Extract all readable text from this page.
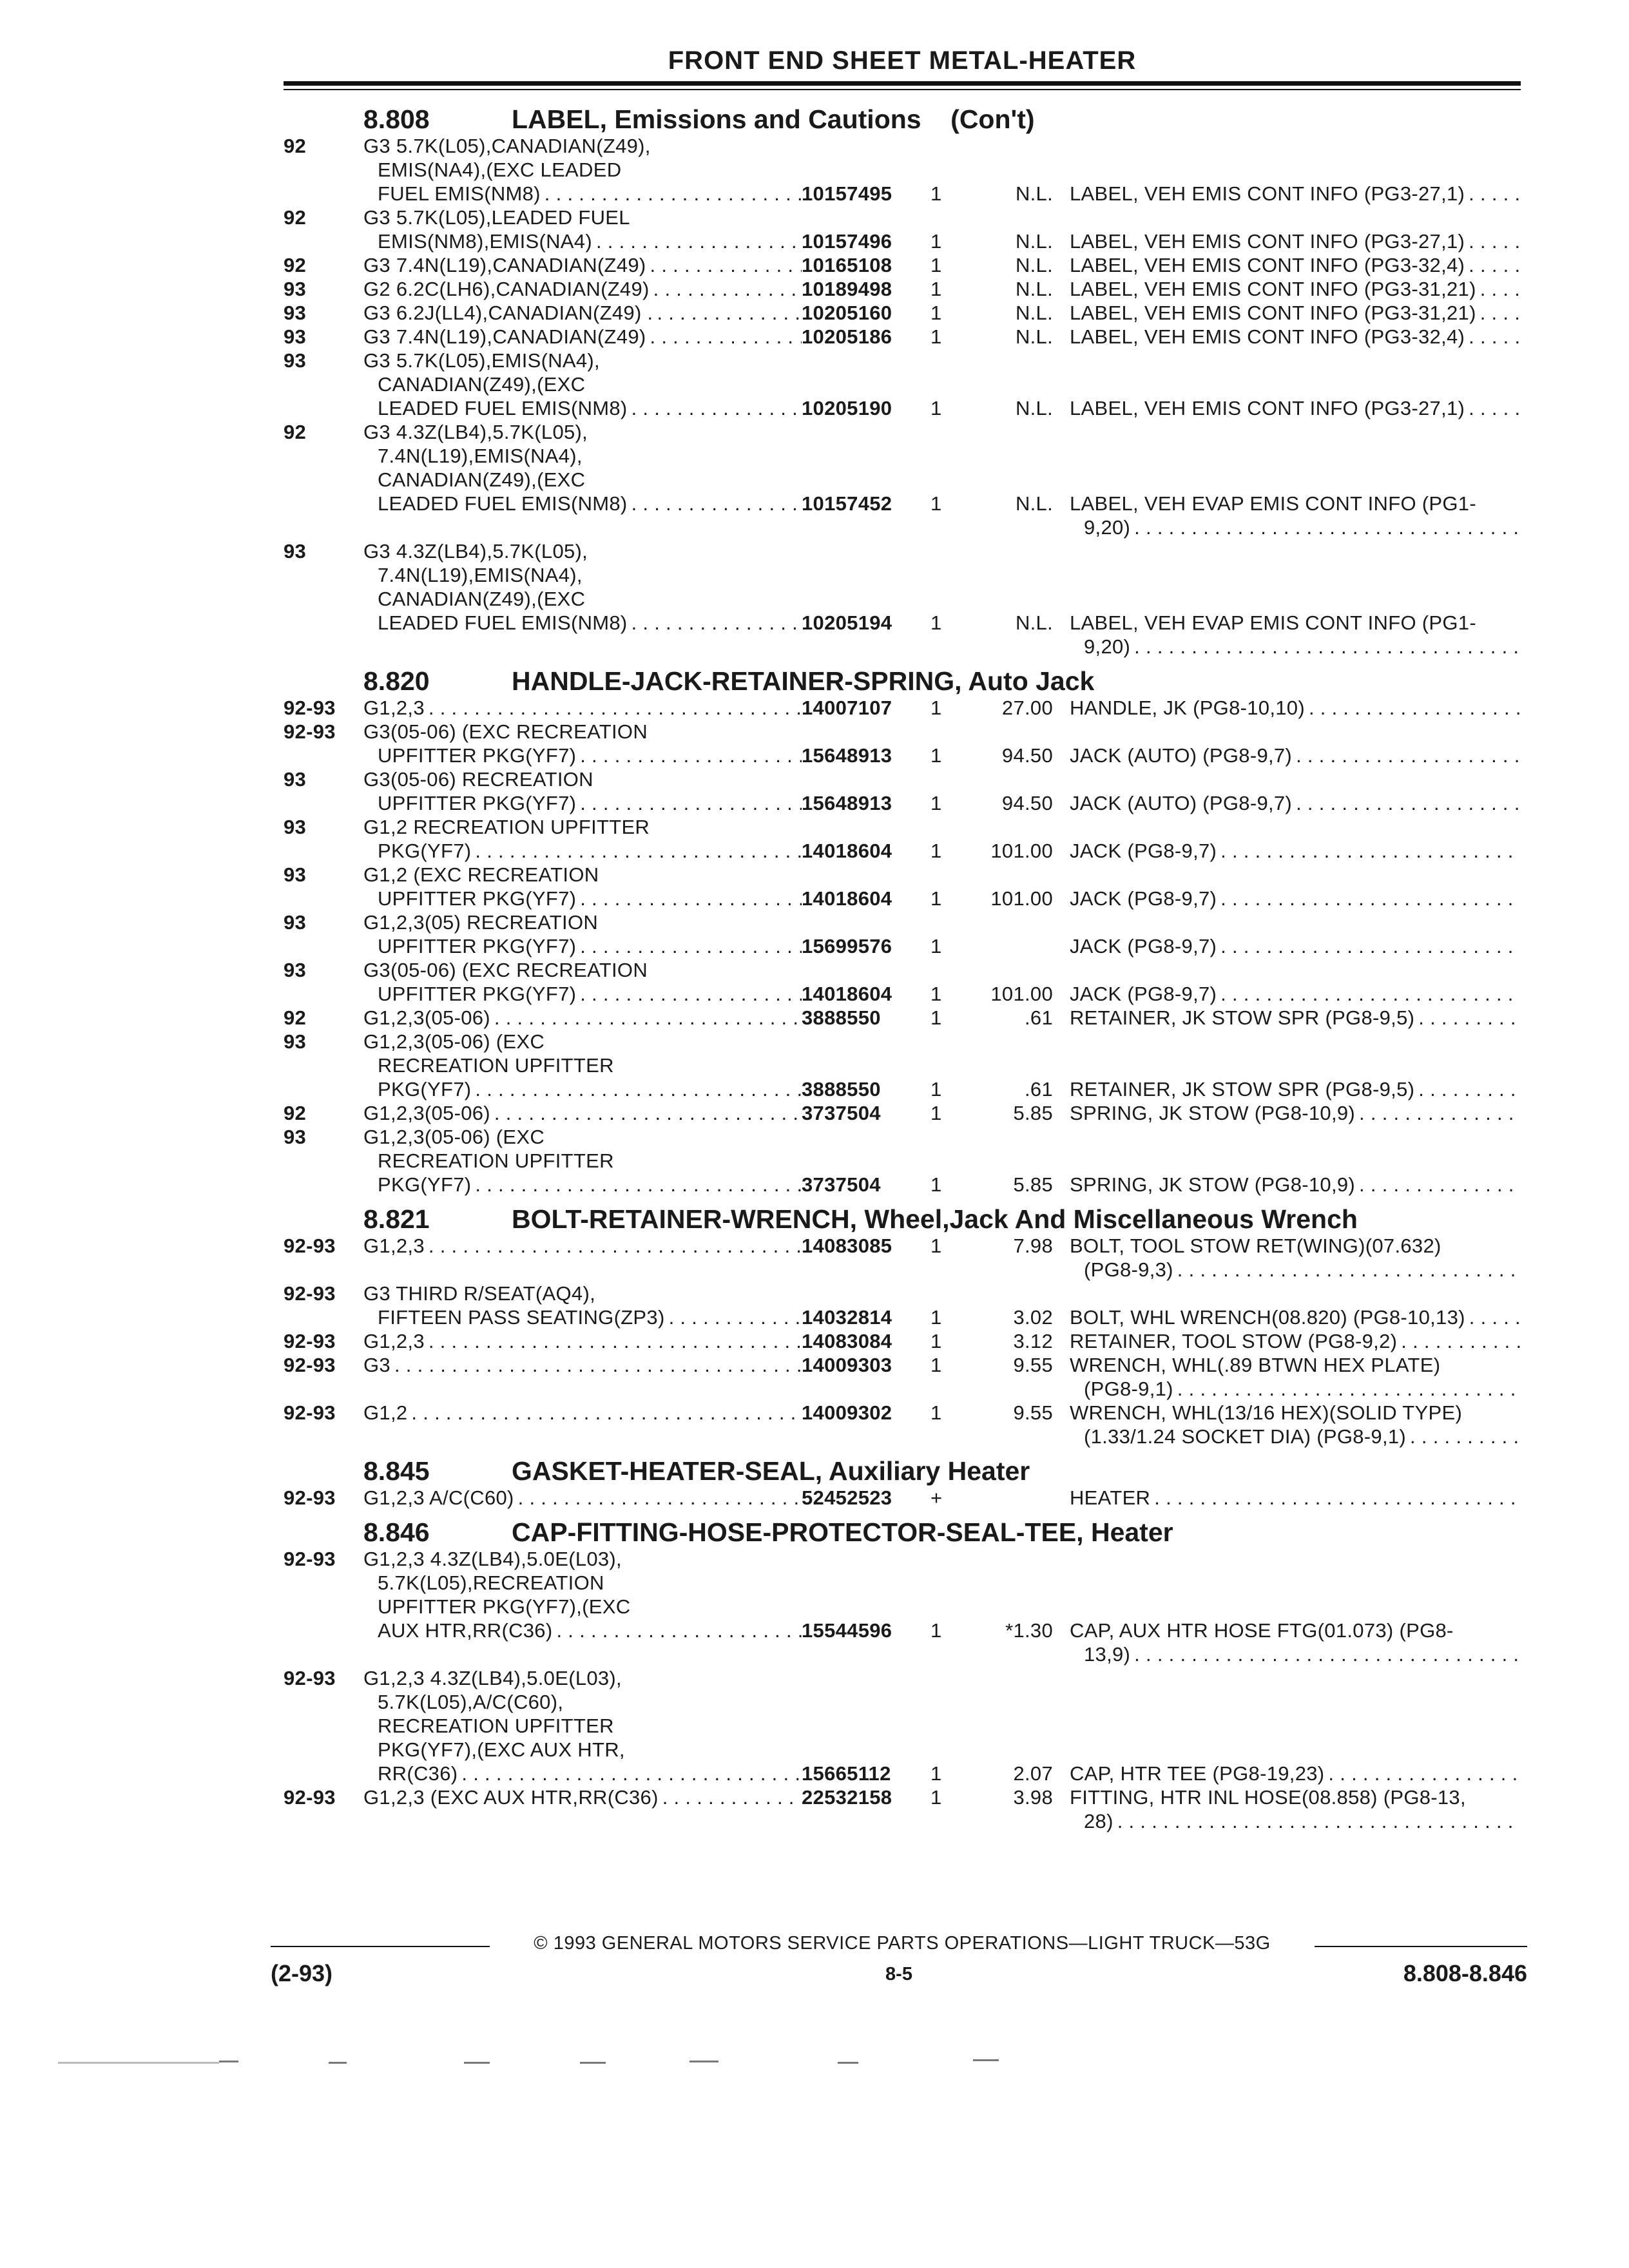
FRONT END SHEET METAL-HEATER
8.808	LABEL, Emissions and Cautions (Con't)
92	G3 5.7K(L05),CANADIAN(Z49),
EMIS(NA4),(EXC LEADED
FUEL EMIS(NM8) . . .	10157495	1	N.L. LABEL, VEH EMIS CONT INFO (PG3-27,1)
. . .
92	G3 5.7K(L05),LEADED FUEL
EMIS(NM8),EMIS(NA4) . . .	10157496	1	N.L. LABEL, VEH EMIS CONT INFO (PG3-27,1)
. . .
92	G3 7.4N(L19),CANADIAN(Z49) . . .	10165108	1	N.L. LABEL, VEH EMIS CONT INFO (PG3-32,4)
. . .
93	G2 6.2C(LH6),CANADIAN(Z49) . . .	10189498	1	N.L. LABEL, VEH EMIS CONT INFO (PG3-31,21)
. . .
93	G3 6.2J(LL4),CANADIAN(Z49) . . . .	10205160	1	N.L. LABEL, VEH EMIS CONT INFO (PG3-31,21)
. . .
93	G3 7.4N(L19),CANADIAN(Z49) . . .	10205186	1	N.L. LABEL, VEH EMIS CONT INFO (PG3-32,4)
. . .
93	G3 5.7K(L05),EMIS(NA4),
CANADIAN(Z49),(EXC
LEADED FUEL EMIS(NM8) . . .	10205190	1	N.L. LABEL, VEH EMIS CONT INFO (PG3-27,1)
. . .
92	G3 4.3Z(LB4),5.7K(L05),
7.4N(L19),EMIS(NA4),
CANADIAN(Z49),(EXC
LEADED FUEL EMIS(NM8) . . .	10157452	1	N.L. LABEL, VEH EVAP EMIS CONT INFO (PG1-
9,20)
. . .
93	G3 4.3Z(LB4),5.7K(L05),
7.4N(L19),EMIS(NA4),
CANADIAN(Z49),(EXC
LEADED FUEL EMIS(NM8) . . .	10205194	1	N.L. LABEL, VEH EVAP EMIS CONT INFO (PG1-
9,20)
. . .
8.820	HANDLE-JACK-RETAINER-SPRING, Auto Jack
92-93	G1,2,3 . . .	14007107	1	27.00 HANDLE, JK (PG8-10,10)
. . .
92-93	G3(05-06) (EXC RECREATION
UPFITTER PKG(YF7) . . .	15648913	1	94.50 JACK (AUTO) (PG8-9,7)
. . .
93	G3(05-06) RECREATION
UPFITTER PKG(YF7) . . .	15648913	1	94.50 JACK (AUTO) (PG8-9,7)
. . .
93	G1,2 RECREATION UPFITTER
PKG(YF7) . . .	14018604	1	101.00 JACK (PG8-9,7)
. . .
93	G1,2 (EXC RECREATION
UPFITTER PKG(YF7) . . .	14018604	1	101.00 JACK (PG8-9,7)
. . .
93	G1,2,3(05) RECREATION
UPFITTER PKG(YF7) . . .	15699576	1	JACK (PG8-9,7)
. . .
93	G3(05-06) (EXC RECREATION
UPFITTER PKG(YF7) . . .	14018604	1	101.00 JACK (PG8-9,7)
. . .
92	G1,2,3(05-06) . . .	3888550	1	.61 RETAINER, JK STOW SPR (PG8-9,5)
. . .
93	G1,2,3(05-06) (EXC
RECREATION UPFITTER
PKG(YF7) . . .	3888550	1	.61 RETAINER, JK STOW SPR (PG8-9,5)
. . .
92	G1,2,3(05-06) . . .	3737504	1	5.85 SPRING, JK STOW (PG8-10,9)
. . .
93	G1,2,3(05-06) (EXC
RECREATION UPFITTER
PKG(YF7) . . .	3737504	1	5.85 SPRING, JK STOW (PG8-10,9)
. . .
8.821	BOLT-RETAINER-WRENCH, Wheel,Jack And Miscellaneous Wrench
92-93	G1,2,3 . . .	14083085	1	7.98 BOLT, TOOL STOW RET(WING)(07.632)
(PG8-9,3)
. . .
92-93	G3 THIRD R/SEAT(AQ4),
FIFTEEN PASS SEATING(ZP3) . . .	14032814	1	3.02 BOLT, WHL WRENCH(08.820) (PG8-10,13)
. . .
92-93	G1,2,3 . . .	14083084	1	3.12 RETAINER, TOOL STOW (PG8-9,2)
. . .
92-93	G3 . . .	14009303	1	9.55 WRENCH, WHL(.89 BTWN HEX PLATE)
(PG8-9,1)
. . .
92-93	G1,2 . . .	14009302	1	9.55 WRENCH, WHL(13/16 HEX)(SOLID TYPE)
(1.33/1.24 SOCKET DIA) (PG8-9,1)
. . .
8.845	GASKET-HEATER-SEAL, Auxiliary Heater
92-93	G1,2,3 A/C(C60) . . .	52452523	+	HEATER
. . .
8.846	CAP-FITTING-HOSE-PROTECTOR-SEAL-TEE, Heater
92-93	G1,2,3 4.3Z(LB4),5.0E(L03),
5.7K(L05),RECREATION
UPFITTER PKG(YF7),(EXC
AUX HTR,RR(C36) . . .	15544596	1	*1.30 CAP, AUX HTR HOSE FTG(01.073) (PG8-
13,9)
. . .
92-93	G1,2,3 4.3Z(LB4),5.0E(L03),
5.7K(L05),A/C(C60),
RECREATION UPFITTER
PKG(YF7),(EXC AUX HTR,
RR(C36) . . .	15665112	1	2.07 CAP, HTR TEE (PG8-19,23)
. . .
92-93	G1,2,3 (EXC AUX HTR,RR(C36) . . .	22532158	1	3.98 FITTING, HTR INL HOSE(08.858) (PG8-13,
28)
. . .
© 1993 GENERAL MOTORS SERVICE PARTS OPERATIONS—LIGHT TRUCK—53G
(2-93)	8-5	8.808-8.846
